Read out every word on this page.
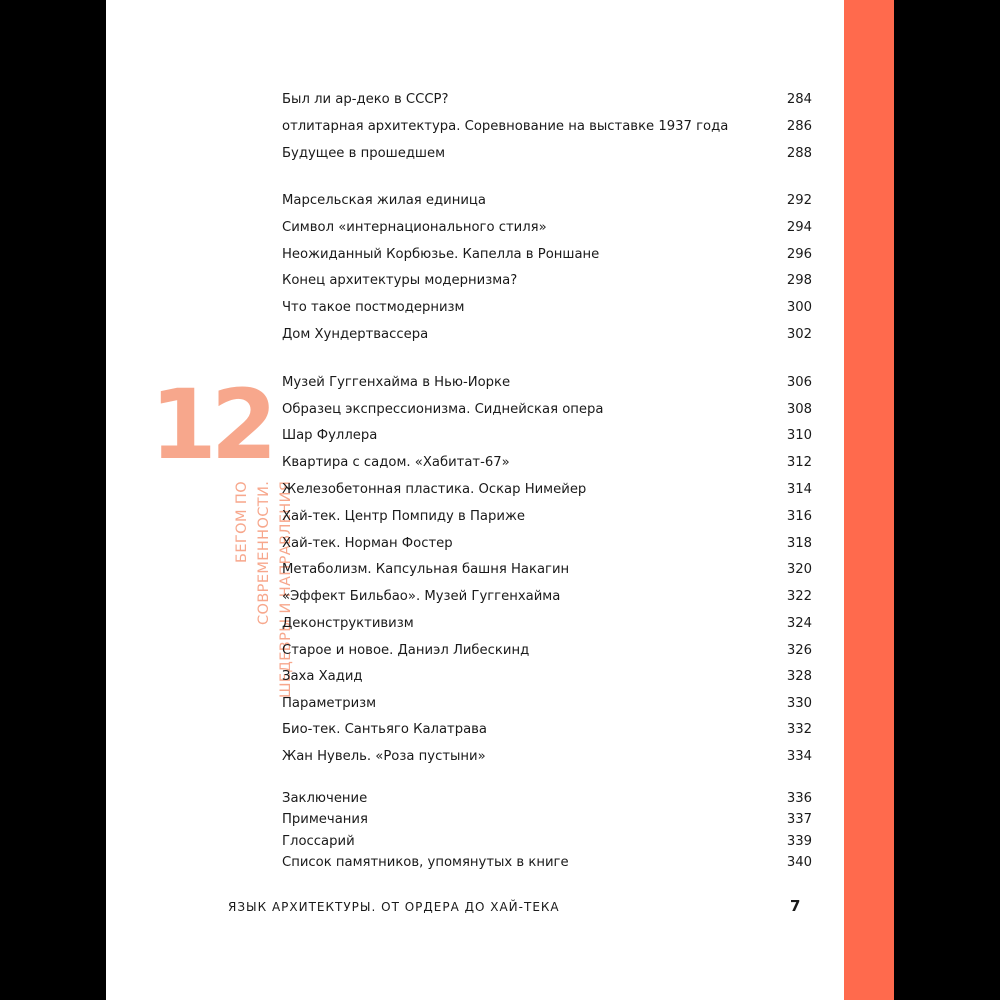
12
БЕГОМ ПО СОВРЕМЕННОСТИ. ШЕДЕВРЫ И НАПРАВЛЕНИЯ
Был ли ар-деко в СССР?	284
отлитарная архитектура. Соревнование на выставке 1937 года	286
Будущее в прошедшем	288
Марсельская жилая единица	292
Символ «интернационального стиля»	294
Неожиданный Корбюзье. Капелла в Роншане	296
Конец архитектуры модернизма?	298
Что такое постмодернизм	300
Дом Хундертвассера	302
Музей Гуггенхайма в Нью-Йорке	306
Образец экспрессионизма. Сиднейская опера	308
Шар Фуллера	310
Квартира с садом. «Хабитат-67»	312
Железобетонная пластика. Оскар Нимейер	314
Хай-тек. Центр Помпиду в Париже	316
Хай-тек. Норман Фостер	318
Метаболизм. Капсульная башня Накагин	320
«Эффект Бильбао». Музей Гуггенхайма	322
Деконструктивизм	324
Старое и новое. Даниэл Либескинд	326
Заха Хадид	328
Параметризм	330
Био-тек. Сантьяго Калатрава	332
Жан Нувель. «Роза пустыни»	334
Заключение	336
Примечания	337
Глоссарий	339
Список памятников, упомянутых в книге	340
ЯЗЫК АРХИТЕКТУРЫ. ОТ ОРДЕРА ДО ХАЙ-ТЕКА	7
